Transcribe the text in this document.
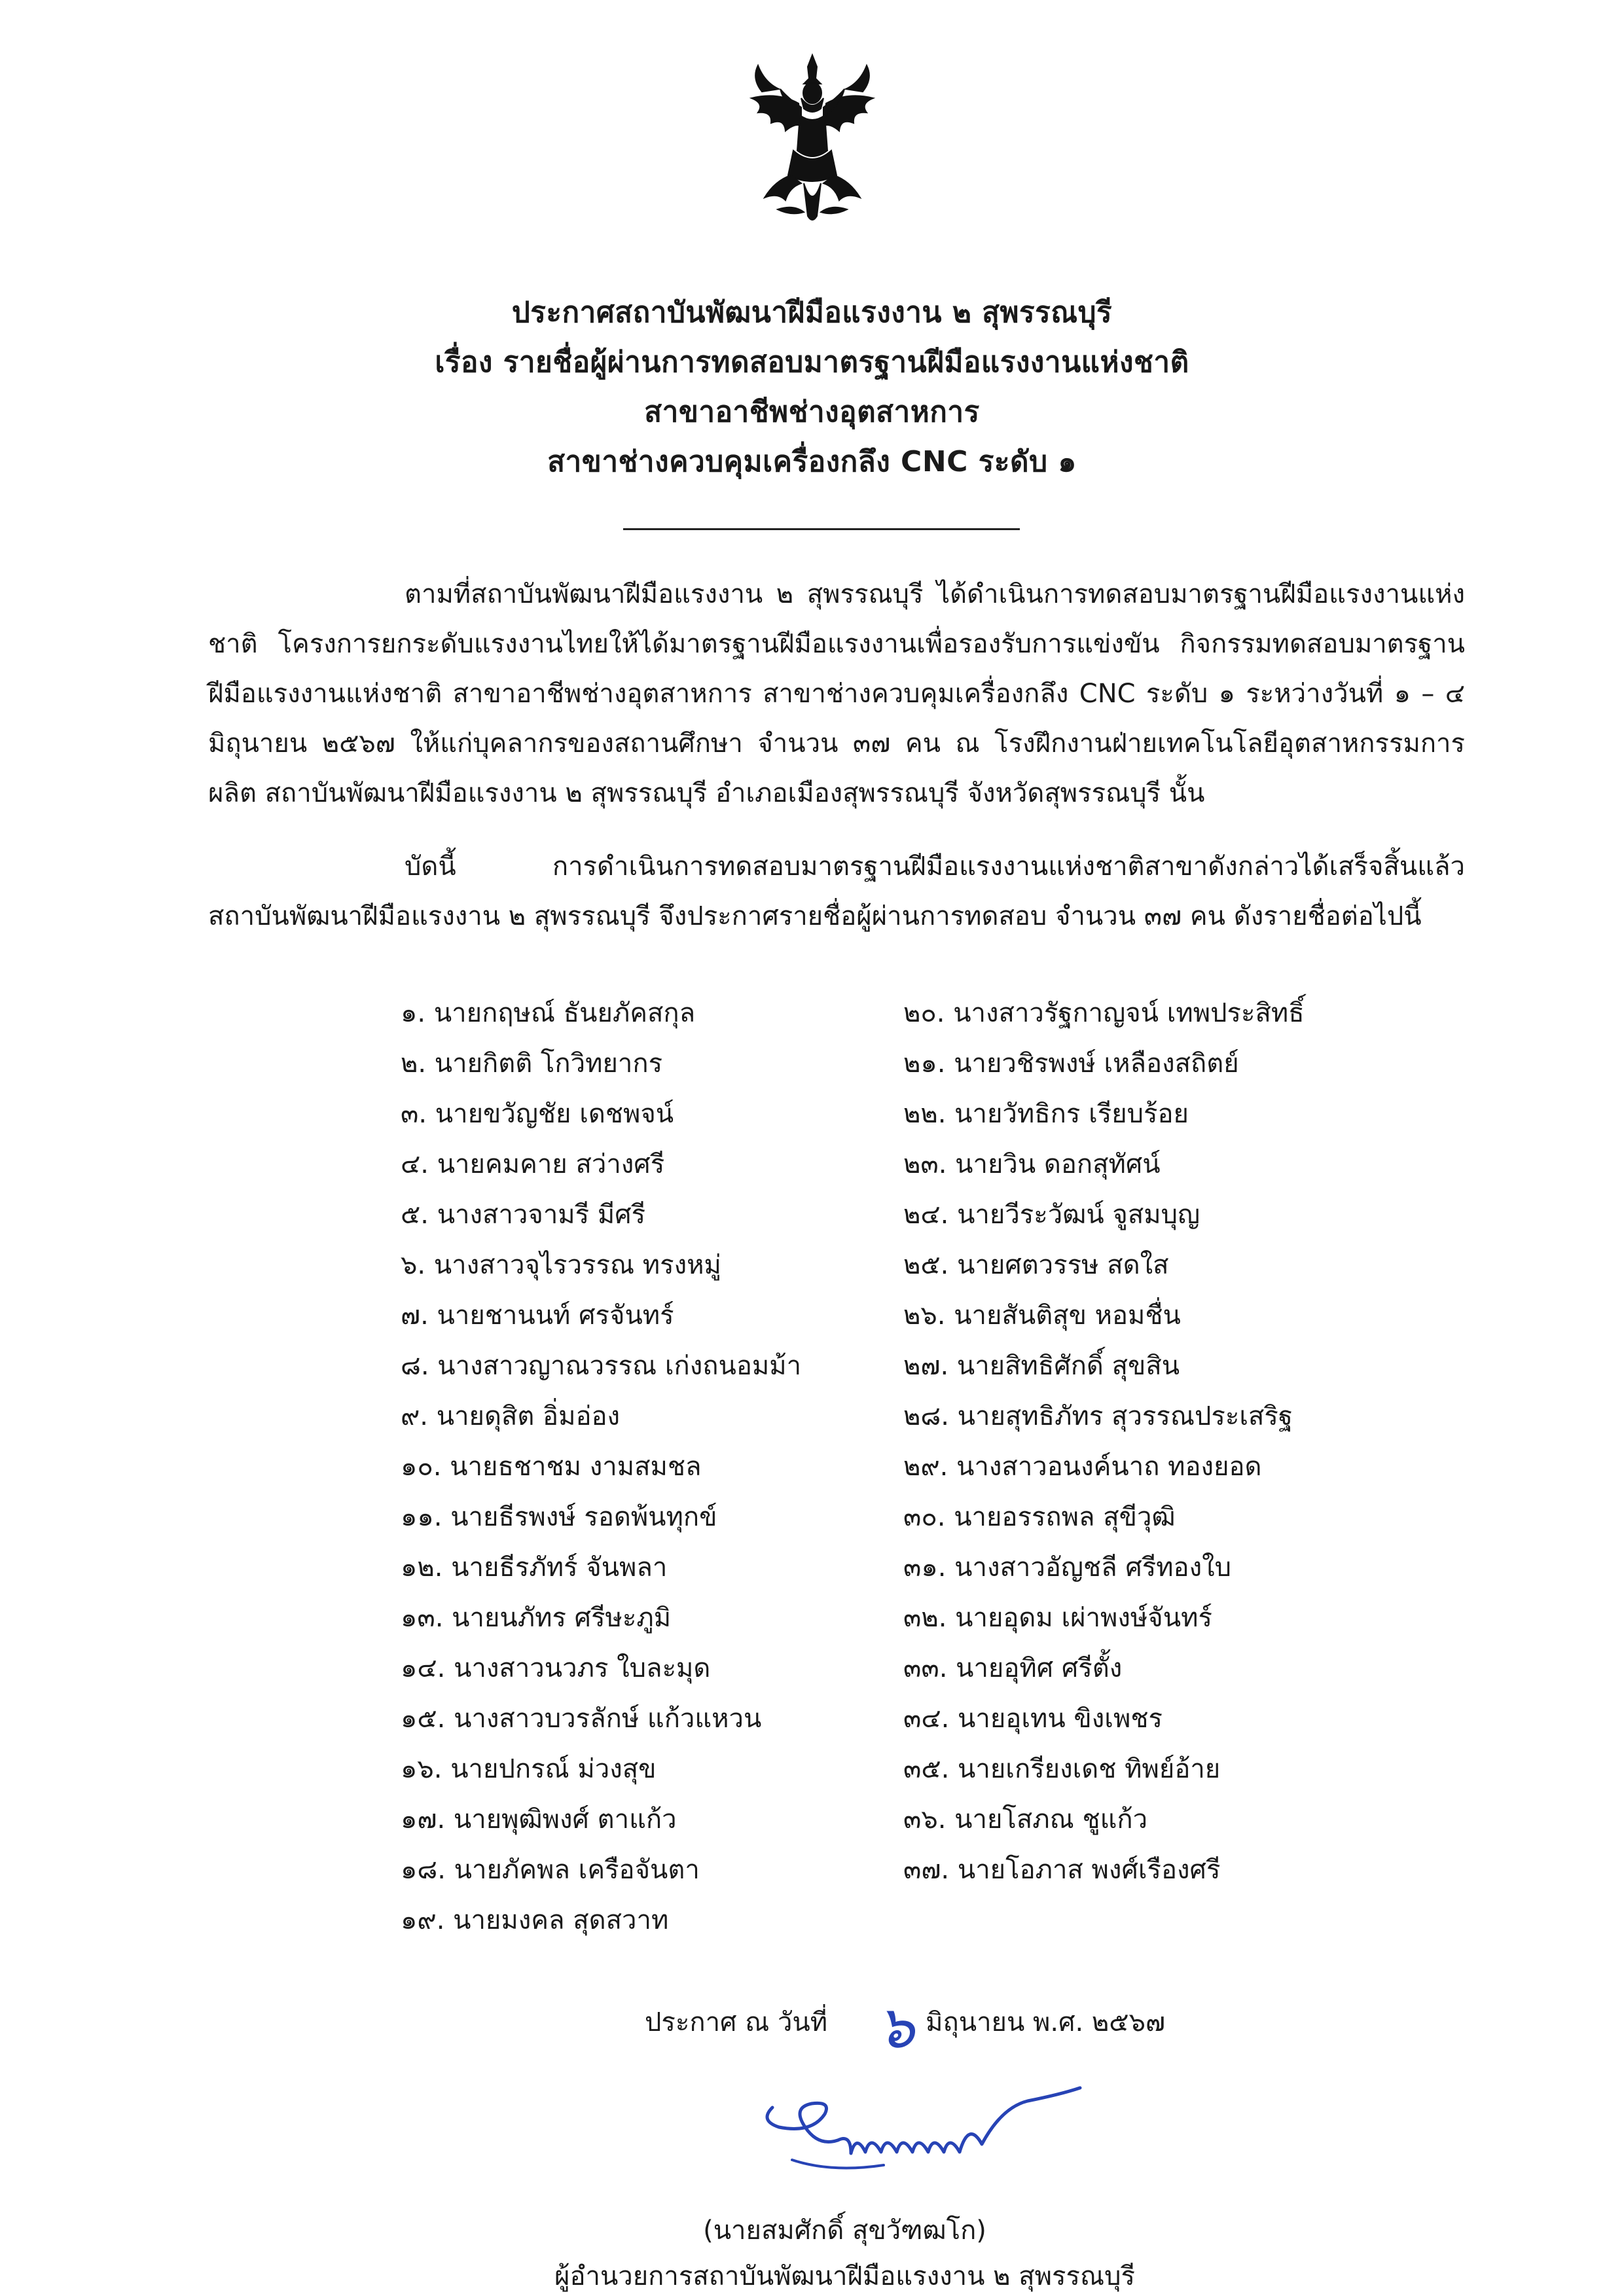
ประกาศสถาบันพัฒนาฝีมือแรงงาน ๒ สุพรรณบุรี
เรื่อง รายชื่อผู้ผ่านการทดสอบมาตรฐานฝีมือแรงงานแห่งชาติ
สาขาอาชีพช่างอุตสาหการ
สาขาช่างควบคุมเครื่องกลึง CNC ระดับ ๑
ตามที่สถาบันพัฒนาฝีมือแรงงาน ๒ สุพรรณบุรี ได้ดำเนินการทดสอบมาตรฐานฝีมือแรงงานแห่งชาติ โครงการยกระดับแรงงานไทยให้ได้มาตรฐานฝีมือแรงงานเพื่อรองรับการแข่งขัน กิจกรรมทดสอบมาตรฐานฝีมือแรงงานแห่งชาติ สาขาอาชีพช่างอุตสาหการ สาขาช่างควบคุมเครื่องกลึง CNC ระดับ ๑ ระหว่างวันที่ ๑ – ๔ มิถุนายน ๒๕๖๗ ให้แก่บุคลากรของสถานศึกษา จำนวน ๓๗ คน ณ โรงฝึกงานฝ่ายเทคโนโลยีอุตสาหกรรมการผลิต สถาบันพัฒนาฝีมือแรงงาน ๒ สุพรรณบุรี อำเภอเมืองสุพรรณบุรี จังหวัดสุพรรณบุรี นั้น
บัดนี้ การดำเนินการทดสอบมาตรฐานฝีมือแรงงานแห่งชาติสาขาดังกล่าวได้เสร็จสิ้นแล้ว สถาบันพัฒนาฝีมือแรงงาน ๒ สุพรรณบุรี จึงประกาศรายชื่อผู้ผ่านการทดสอบ จำนวน ๓๗ คน ดังรายชื่อต่อไปนี้
๑. นายกฤษณ์ ธันยภัคสกุล
๒. นายกิตติ โกวิทยากร
๓. นายขวัญชัย เดชพจน์
๔. นายคมคาย สว่างศรี
๕. นางสาวจามรี มีศรี
๖. นางสาวจุไรวรรณ ทรงหมู่
๗. นายชานนท์ ศรจันทร์
๘. นางสาวญาณวรรณ เก่งถนอมม้า
๙. นายดุสิต อิ่มอ่อง
๑๐. นายธชาชม งามสมชล
๑๑. นายธีรพงษ์ รอดพ้นทุกข์
๑๒. นายธีรภัทร์ จันพลา
๑๓. นายนภัทร ศรีษะภูมิ
๑๔. นางสาวนวภร ใบละมุด
๑๕. นางสาวบวรลักษ์ แก้วแหวน
๑๖. นายปกรณ์ ม่วงสุข
๑๗. นายพุฒิพงศ์ ตาแก้ว
๑๘. นายภัคพล เครือจันตา
๑๙. นายมงคล สุดสวาท
๒๐. นางสาวรัฐกาญจน์ เทพประสิทธิ์
๒๑. นายวชิรพงษ์ เหลืองสถิตย์
๒๒. นายวัทธิกร เรียบร้อย
๒๓. นายวิน ดอกสุทัศน์
๒๔. นายวีระวัฒน์ จูสมบุญ
๒๕. นายศตวรรษ สดใส
๒๖. นายสันติสุข หอมชื่น
๒๗. นายสิทธิศักดิ์ สุขสิน
๒๘. นายสุทธิภัทร สุวรรณประเสริฐ
๒๙. นางสาวอนงค์นาถ ทองยอด
๓๐. นายอรรถพล สุขีวุฒิ
๓๑. นางสาวอัญชลี ศรีทองใบ
๓๒. นายอุดม เผ่าพงษ์จันทร์
๓๓. นายอุทิศ ศรีตั้ง
๓๔. นายอุเทน ขิงเพชร
๓๕. นายเกรียงเดช ทิพย์อ้าย
๓๖. นายโสภณ ชูแก้ว
๓๗. นายโอภาส พงศ์เรืองศรี
ประกาศ ณ วันที่	มิถุนายน พ.ศ. ๒๕๖๗
๖
(นายสมศักดิ์ สุขวัฑฒโก)
ผู้อำนวยการสถาบันพัฒนาฝีมือแรงงาน ๒ สุพรรณบุรี
